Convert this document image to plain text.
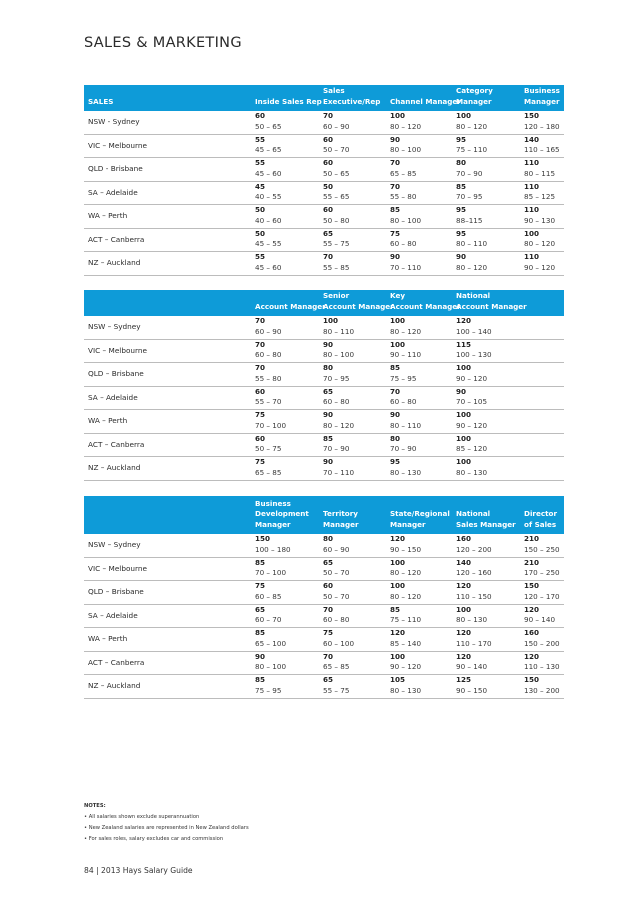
SALES & MARKETING
SALES	Inside Sales Rep
Sales
Executive/Rep Channel Manager
Category
Manager
Business
Manager
NSW - Sydney
60
50 – 65
70
60 – 90
100
80 – 120
100
80 – 120
150
120 – 180
VIC – Melbourne
55
45 – 65
60
50 – 70
90
80 – 100
95
75 – 110
140
110 – 165
QLD - Brisbane
55
45 – 60
60
50 – 65
70
65 – 85
80
70 – 90
110
80 – 115
SA – Adelaide
45
40 – 55
50
55 – 65
70
55 – 80
85
70 – 95
110
85 – 125
WA – Perth
50
40 – 60
60
50 – 80
85
80 – 100
95
88–115
110
90 – 130
ACT – Canberra
50
45 – 55
65
55 – 75
75
60 – 80
95
80 – 110
100
80 – 120
NZ – Auckland
55
45 – 60
70
55 – 85
90
70 – 110
90
80 – 120
110
90 – 120
Account Manager
Senior
Account Manager
Key
Account Manager
National
Account Manager
NSW – Sydney
70
60 – 90
100
80 – 110
100
80 – 120
120
100 – 140
VIC – Melbourne
70
60 – 80
90
80 – 100
100
90 – 110
115
100 – 130
QLD – Brisbane
70
55 – 80
80
70 – 95
85
75 – 95
100
90 – 120
SA – Adelaide
60
55 – 70
65
60 – 80
70
60 – 80
90
70 – 105
WA – Perth
75
70 – 100
90
80 – 120
90
80 – 110
100
90 – 120
ACT – Canberra
60
50 – 75
85
70 – 90
80
70 – 90
100
85 – 120
NZ – Auckland
75
65 – 85
90
70 – 110
95
80 – 130
100
80 – 130
Business
Development
Manager
Territory
Manager
State/Regional
Manager
National
Sales Manager
Director
of Sales
NSW – Sydney
150
100 – 180
80
60 – 90
120
90 – 150
160
120 – 200
210
150 – 250
VIC – Melbourne
85
70 – 100
65
50 – 70
100
80 – 120
140
120 – 160
210
170 – 250
QLD – Brisbane
75
60 – 85
60
50 – 70
100
80 – 120
120
110 – 150
150
120 – 170
SA – Adelaide
65
60 – 70
70
60 – 80
85
75 – 110
100
80 – 130
120
90 – 140
WA – Perth
85
65 – 100
75
60 – 100
120
85 – 140
120
110 – 170
160
150 – 200
ACT – Canberra
90
80 – 100
70
65 – 85
100
90 – 120
120
90 – 140
120
110 – 130
NZ – Auckland
85
75 – 95
65
55 – 75
105
80 – 130
125
90 – 150
150
130 – 200
NOTES:
• All salaries shown exclude superannuation
• New Zealand salaries are represented in New Zealand dollars
• For sales roles, salary excludes car and commission
84 | 2013 Hays Salary Guide
